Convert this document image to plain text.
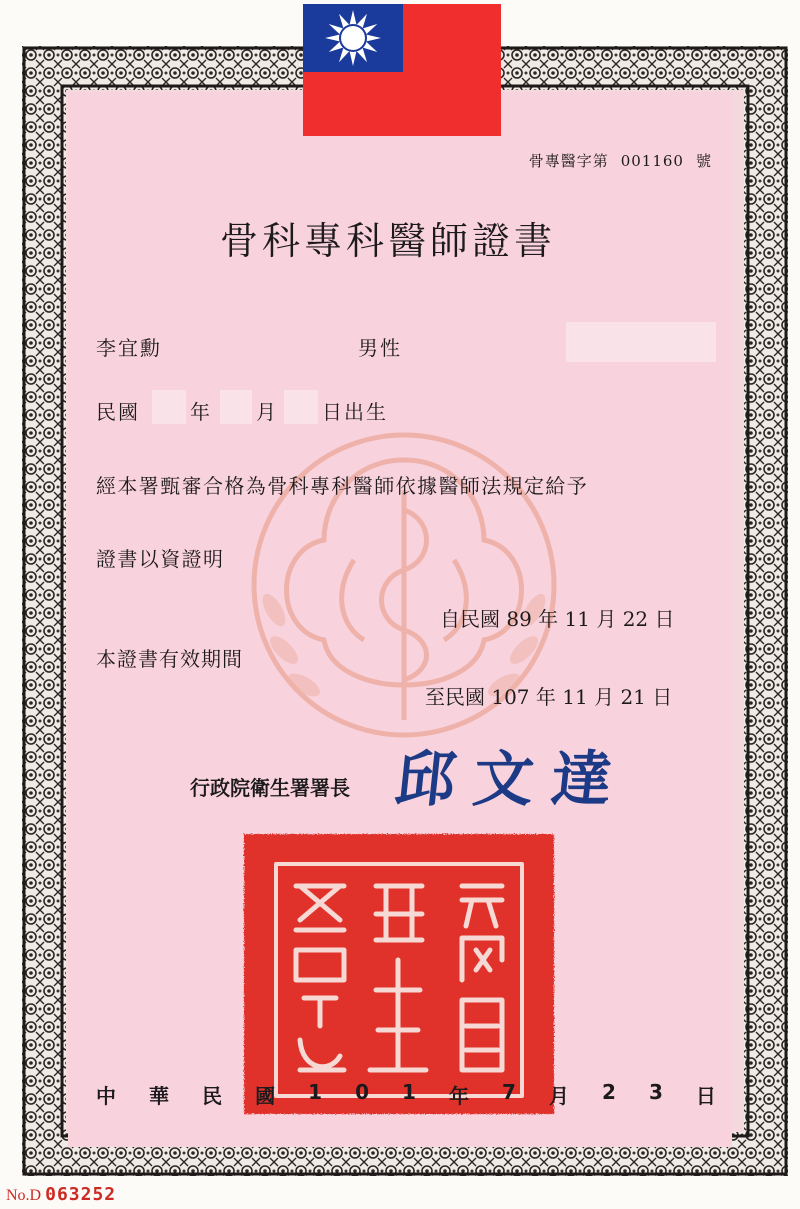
骨專醫字第 001160 號
骨科專科醫師證書
李宜勳	男性
民國	年 月 日出生
經本署甄審合格為骨科專科醫師依據醫師法規定給予
證書以資證明
自民國 89 年 11 月 22 日
本證書有效期間
至民國 107 年 11 月 21 日
行政院衛生署署長 邱文達
中 華 民 國 1 0 1 年 7 月 2 3 日
No.D 063252
